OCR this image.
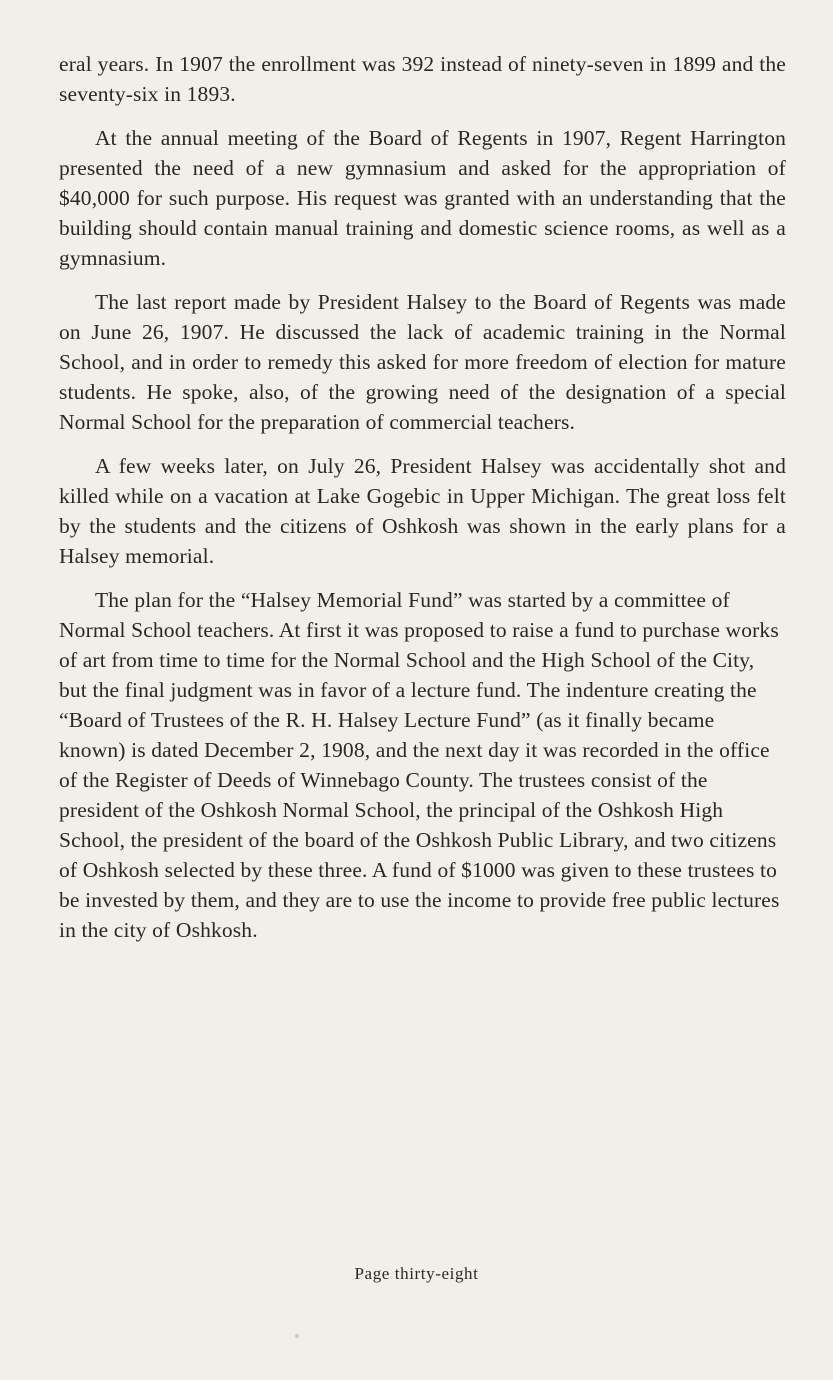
eral years. In 1907 the enrollment was 392 instead of ninety-seven in 1899 and the seventy-six in 1893.

At the annual meeting of the Board of Regents in 1907, Regent Harrington presented the need of a new gymnasium and asked for the appropriation of $40,000 for such purpose. His request was granted with an understanding that the building should contain manual training and domestic science rooms, as well as a gymnasium.

The last report made by President Halsey to the Board of Regents was made on June 26, 1907. He discussed the lack of academic training in the Normal School, and in order to remedy this asked for more freedom of election for mature students. He spoke, also, of the growing need of the designation of a special Normal School for the preparation of commercial teachers.

A few weeks later, on July 26, President Halsey was accidentally shot and killed while on a vacation at Lake Gogebic in Upper Michigan. The great loss felt by the students and the citizens of Oshkosh was shown in the early plans for a Halsey memorial.

The plan for the “Halsey Memorial Fund” was started by a committee of Normal School teachers. At first it was proposed to raise a fund to purchase works of art from time to time for the Normal School and the High School of the City, but the final judgment was in favor of a lecture fund. The indenture creating the “Board of Trustees of the R. H. Halsey Lecture Fund” (as it finally became known) is dated December 2, 1908, and the next day it was recorded in the office of the Register of Deeds of Winnebago County. The trustees consist of the president of the Oshkosh Normal School, the principal of the Oshkosh High School, the president of the board of the Oshkosh Public Library, and two citizens of Oshkosh selected by these three. A fund of $1000 was given to these trustees to be invested by them, and they are to use the income to provide free public lectures in the city of Oshkosh.

Page thirty-eight
